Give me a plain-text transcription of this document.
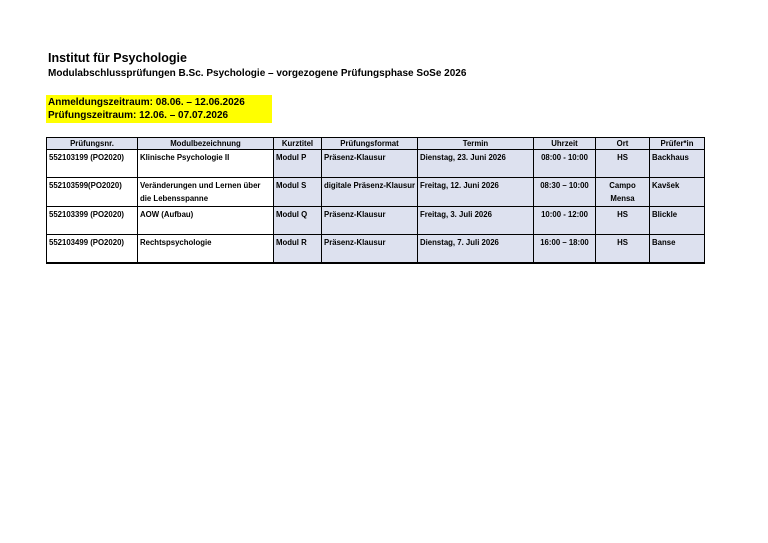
Institut für Psychologie
Modulabschlussprüfungen B.Sc. Psychologie – vorgezogene Prüfungsphase SoSe 2026
Anmeldungszeitraum: 08.06. – 12.06.2026
Prüfungszeitraum: 12.06. – 07.07.2026
Prüfungsnr.	Modulbezeichnung	Kurztitel	Prüfungsformat	Termin	Uhrzeit	Ort	Prüfer*in
552103199 (PO2020)	Klinische Psychologie II	Modul P	Präsenz-Klausur	Dienstag, 23. Juni 2026	08:00 - 10:00	HS	Backhaus
552103599(PO2020)	Veränderungen und Lernen über die Lebensspanne	Modul S	digitale Präsenz-Klausur	Freitag, 12. Juni 2026	08:30 – 10:00	Campo Mensa	Kavšek
552103399 (PO2020)	AOW (Aufbau)	Modul Q	Präsenz-Klausur	Freitag, 3. Juli 2026	10:00 - 12:00	HS	Blickle
552103499 (PO2020)	Rechtspsychologie	Modul R	Präsenz-Klausur	Dienstag, 7. Juli 2026	16:00 – 18:00	HS	Banse
